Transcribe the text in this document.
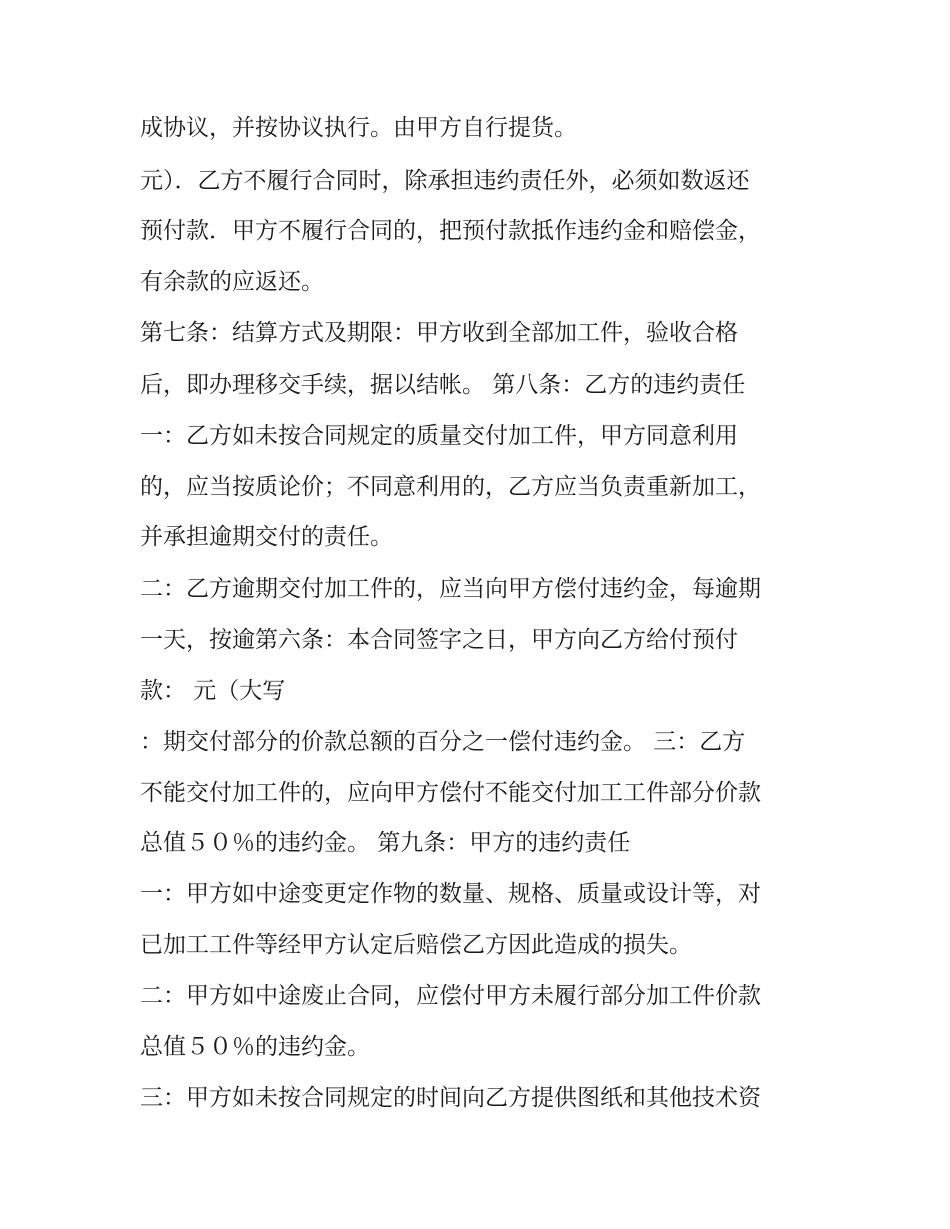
成协议，并按协议执行。由甲方自行提货。
元）．乙方不履行合同时，除承担违约责任外，必须如数返还
预付款．甲方不履行合同的，把预付款抵作违约金和赔偿金，
有余款的应返还。
第七条：结算方式及期限：甲方收到全部加工件，验收合格
后，即办理移交手续，据以结帐。 第八条：乙方的违约责任
一：乙方如未按合同规定的质量交付加工件，甲方同意利用
的，应当按质论价；不同意利用的，乙方应当负责重新加工，
并承担逾期交付的责任。
二：乙方逾期交付加工件的，应当向甲方偿付违约金，每逾期
一天，按逾第六条：本合同签字之日，甲方向乙方给付预付
款： 元（大写
：期交付部分的价款总额的百分之一偿付违约金。 三：乙方
不能交付加工件的，应向甲方偿付不能交付加工工件部分价款
总值５０％的违约金。 第九条：甲方的违约责任
一：甲方如中途变更定作物的数量、规格、质量或设计等，对
已加工工件等经甲方认定后赔偿乙方因此造成的损失。
二：甲方如中途废止合同，应偿付甲方未履行部分加工件价款
总值５０％的违约金。
三：甲方如未按合同规定的时间向乙方提供图纸和其他技术资
